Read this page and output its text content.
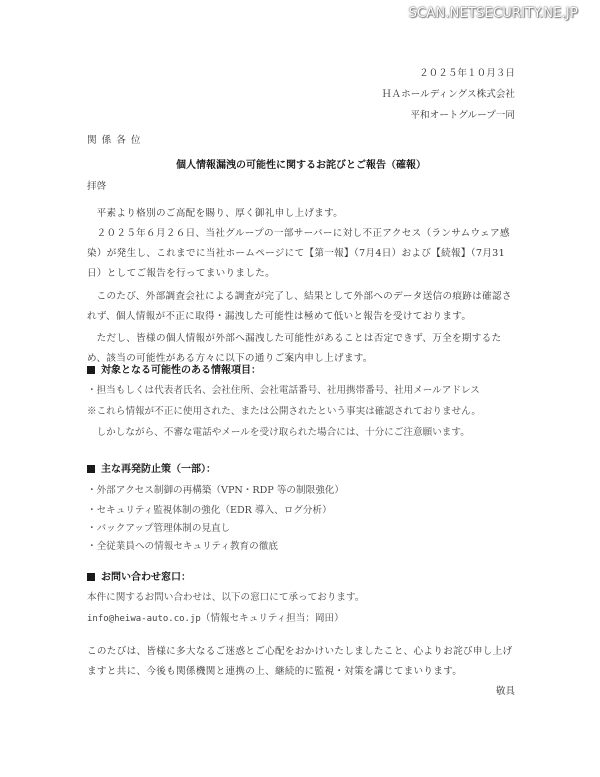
SCAN.NETSECURITY.NE.JP
２０２５年１０月３日
ＨＡホールディングス株式会社
平和オートグループ一同
関 係 各 位
個人情報漏洩の可能性に関するお詫びとご報告（確報）
拝啓
平素より格別のご高配を賜り、厚く御礼申し上げます。
２０２５年６月２６日、当社グループの一部サーバーに対し不正アクセス（ランサムウェア感染）が発生し、これまでに当社ホームページにて【第一報】（7月4日）および【続報】（7月31日）としてご報告を行ってまいりました。
このたび、外部調査会社による調査が完了し、結果として外部へのデータ送信の痕跡は確認されず、個人情報が不正に取得・漏洩した可能性は極めて低いと報告を受けております。
ただし、皆様の個人情報が外部へ漏洩した可能性があることは否定できず、万全を期するため、該当の可能性がある方々に以下の通りご案内申し上げます。
対象となる可能性のある情報項目：
・担当もしくは代表者氏名、会社住所、会社電話番号、社用携帯番号、社用メールアドレス
※これら情報が不正に使用された、または公開されたという事実は確認されておりません。
　しかしながら、不審な電話やメールを受け取られた場合には、十分にご注意願います。
主な再発防止策（一部）：
・外部アクセス制御の再構築（VPN・RDP 等の制限強化）
・セキュリティ監視体制の強化（EDR 導入、ログ分析）
・バックアップ管理体制の見直し
・全従業員への情報セキュリティ教育の徹底
お問い合わせ窓口：
本件に関するお問い合わせは、以下の窓口にて承っております。
info@heiwa-auto.co.jp（情報セキュリティ担当：岡田）
このたびは、皆様に多大なるご迷惑とご心配をおかけいたしましたこと、心よりお詫び申し上げますと共に、今後も関係機関と連携の上、継続的に監視・対策を講じてまいります。
敬具
